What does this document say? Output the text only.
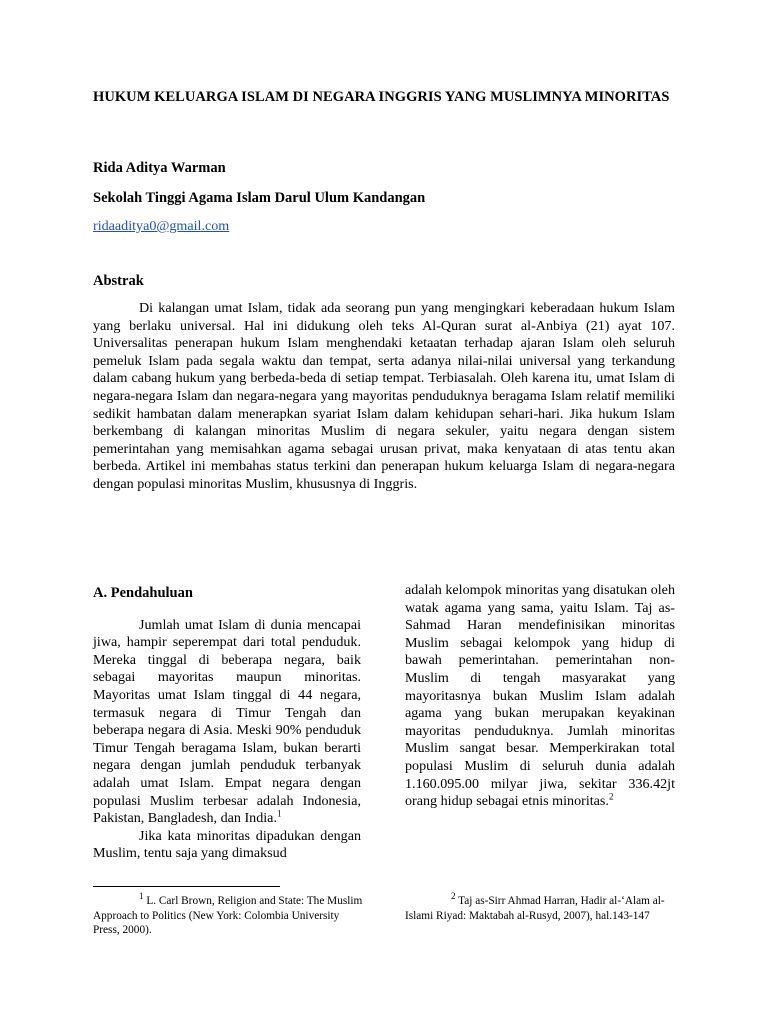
HUKUM KELUARGA ISLAM DI NEGARA INGGRIS YANG MUSLIMNYA MINORITAS
Rida Aditya Warman
Sekolah Tinggi Agama Islam Darul Ulum Kandangan
ridaaditya0@gmail.com
Abstrak

Di kalangan umat Islam, tidak ada seorang pun yang mengingkari keberadaan hukum Islam yang berlaku universal. Hal ini didukung oleh teks Al-Quran surat al-Anbiya (21) ayat 107. Universalitas penerapan hukum Islam menghendaki ketaatan terhadap ajaran Islam oleh seluruh pemeluk Islam pada segala waktu dan tempat, serta adanya nilai-nilai universal yang terkandung dalam cabang hukum yang berbeda-beda di setiap tempat. Terbiasalah. Oleh karena itu, umat Islam di negara-negara Islam dan negara-negara yang mayoritas penduduknya beragama Islam relatif memiliki sedikit hambatan dalam menerapkan syariat Islam dalam kehidupan sehari-hari. Jika hukum Islam berkembang di kalangan minoritas Muslim di negara sekuler, yaitu negara dengan sistem pemerintahan yang memisahkan agama sebagai urusan privat, maka kenyataan di atas tentu akan berbeda. Artikel ini membahas status terkini dan penerapan hukum keluarga Islam di negara-negara dengan populasi minoritas Muslim, khususnya di Inggris.

A. Pendahuluan

Jumlah umat Islam di dunia mencapai jiwa, hampir seperempat dari total penduduk. Mereka tinggal di beberapa negara, baik sebagai mayoritas maupun minoritas. Mayoritas umat Islam tinggal di 44 negara, termasuk negara di Timur Tengah dan beberapa negara di Asia. Meski 90% penduduk Timur Tengah beragama Islam, bukan berarti negara dengan jumlah penduduk terbanyak adalah umat Islam. Empat negara dengan populasi Muslim terbesar adalah Indonesia, Pakistan, Bangladesh, dan India.$^1$

Jika kata minoritas dipadukan dengan Muslim, tentu saja yang dimaksud

adalah kelompok minoritas yang disatukan oleh watak agama yang sama, yaitu Islam. Taj as-Sahmad Haran mendefinisikan minoritas Muslim sebagai kelompok yang hidup di bawah pemerintahan. pemerintahan non-Muslim di tengah masyarakat yang mayoritasnya bukan Muslim Islam adalah agama yang bukan merupakan keyakinan mayoritas penduduknya. Jumlah minoritas Muslim sangat besar. Memperkirakan total populasi Muslim di seluruh dunia adalah 1.160.095.00 milyar jiwa, sekitar 336.42jt orang hidup sebagai etnis minoritas.$^2$

$^1$ L. Carl Brown, Religion and State: The Muslim Approach to Politics (New York: Colombia University Press, 2000).

$^2$ Taj as-Sirr Ahmad Harran, Hadir al-‘Alam al-Islami Riyad: Maktabah al-Rusyd, 2007), hal.143-147
